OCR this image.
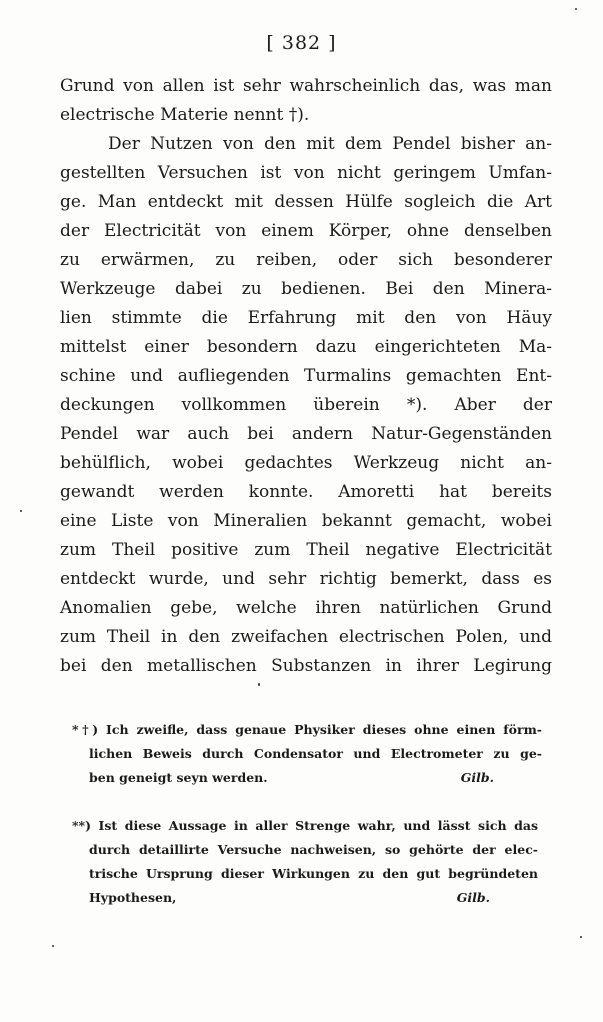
[ 382 ]
Grund von allen ist sehr wahrscheinlich das, was man
electrische Materie nennt †).
Der Nutzen von den mit dem Pendel bisher an-
gestellten Versuchen ist von nicht geringem Umfan-
ge. Man entdeckt mit dessen Hülfe sogleich die Art
der Electricität von einem Körper, ohne denselben
zu erwärmen, zu reiben, oder sich besonderer
Werkzeuge dabei zu bedienen. Bei den Minera-
lien stimmte die Erfahrung mit den von Häuy
mittelst einer besondern dazu eingerichteten Ma-
schine und aufliegenden Turmalins gemachten Ent-
deckungen vollkommen überein *). Aber der
Pendel war auch bei andern Natur-Gegenständen
behülflich, wobei gedachtes Werkzeug nicht an-
gewandt werden konnte. Amoretti hat bereits
eine Liste von Mineralien bekannt gemacht, wobei
zum Theil positive zum Theil negative Electricität
entdeckt wurde, und sehr richtig bemerkt, dass es
Anomalien gebe, welche ihren natürlichen Grund
zum Theil in den zweifachen electrischen Polen, und
bei den metallischen Substanzen in ihrer Legirung
*†) Ich zweifle, dass genaue Physiker dieses ohne einen förm-
lichen Beweis durch Condensator und Electrometer zu ge-
ben geneigt seyn werden.	Gilb.
**) Ist diese Aussage in aller Strenge wahr, und lässt sich das
durch detaillirte Versuche nachweisen, so gehörte der elec-
trische Ursprung dieser Wirkungen zu den gut begründeten
Hypothesen,	Gilb.
